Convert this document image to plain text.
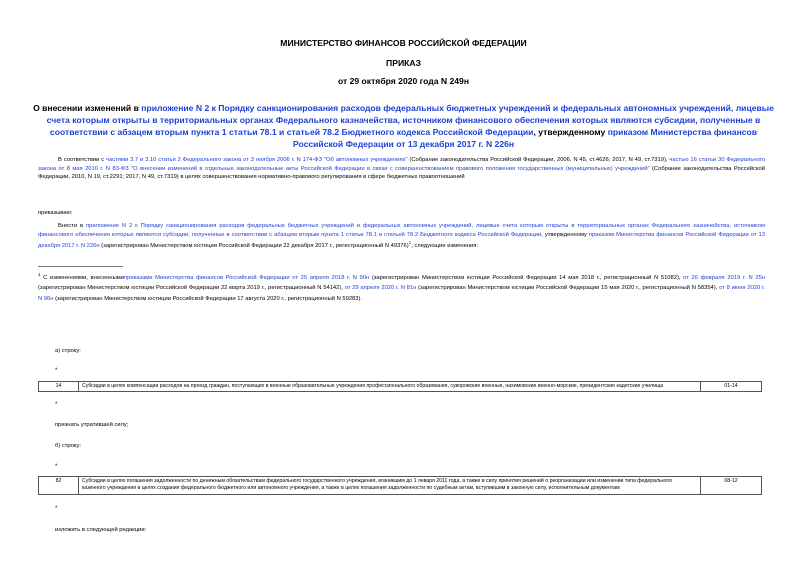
МИНИСТЕРСТВО ФИНАНСОВ РОССИЙСКОЙ ФЕДЕРАЦИИ
ПРИКАЗ
от 29 октября 2020 года N 249н
О внесении изменений в приложение N 2 к Порядку санкционирования расходов федеральных бюджетных учреждений и федеральных автономных учреждений, лицевые счета которым открыты в территориальных органах Федерального казначейства, источником финансового обеспечения которых являются субсидии, полученные в соответствии с абзацем вторым пункта 1 статьи 78.1 и статьей 78.2 Бюджетного кодекса Российской Федерации, утвержденному приказом Министерства финансов Российской Федерации от 13 декабря 2017 г. N 226н
В соответствии с частями 3.7 и 3.10 статьи 2 Федерального закона от 3 ноября 2006 г. N 174-ФЗ "Об автономных учреждениях" (Собрание законодательства Российской Федерации, 2006, N 45, ст.4626; 2017, N 49, ст.7319), частью 16 статьи 30 Федерального закона от 8 мая 2010 г. N 83-ФЗ "О внесении изменений в отдельные законодательные акты Российской Федерации в связи с совершенствованием правового положения государственных (муниципальных) учреждений" (Собрание законодательства Российской Федерации, 2010, N 19, ст.2291; 2017, N 49, ст.7319) в целях совершенствования нормативно-правового регулирования в сфере бюджетных правоотношений
приказываю:
Внести в приложение N 2 к Порядку санкционирования расходов федеральных бюджетных учреждений и федеральных автономных учреждений, лицевые счета которым открыты в территориальных органах Федерального казначейства, источником финансового обеспечения которых являются субсидии, полученные в соответствии с абзацем вторым пункта 1 статьи 78.1 и статьей 78.2 Бюджетного кодекса Российской Федерации, утвержденному приказом Министерства финансов Российской Федерации от 13 декабря 2017 г. N 226н (зарегистрирован Министерством юстиции Российской Федерации 22 декабря 2017 г., регистрационный N 49376)$^1$, следующие изменения:
$^1$ С изменениями, внесеннымиприказами Министерства финансов Российской Федерации от 25 апреля 2018 г. N 90н (зарегистрирован Министерством юстиции Российской Федерации 14 мая 2018 г., регистрационный N 51082), от 26 февраля 2019 г. N 25н (зарегистрирован Министерством юстиции Российской Федерации 22 марта 2019 г., регистрационный N 54142), от 29 апреля 2020 г. N 81н (зарегистрирован Министерством юстиции Российской Федерации 15 мая 2020 г., регистрационный N 58354), от 8 июня 2020 г. N 96н (зарегистрирован Министерством юстиции Российской Федерации 17 августа 2020 г., регистрационный N 59283).
а) строку:
*
14	Субсидии в целях компенсации расходов на проезд граждан, поступающих в военные образовательные учреждения профессионального образования, суворовские военные, нахимовские военно-морские, президентские кадетские училища	01-14
*
признать утратившей силу;
б) строку:
*
82	Субсидии в целях погашения задолженности по денежным обязательствам федерального государственного учреждения, возникшим до 1 января 2011 года, а также в силу принятия решений о реорганизации или изменении типа федерального казенного учреждения в целях создания федерального бюджетного или автономного учреждения, а также в целях погашения задолженности по судебным актам, вступившим в законную силу, исполнительным документам	08-12
*
изложить в следующей редакции:
